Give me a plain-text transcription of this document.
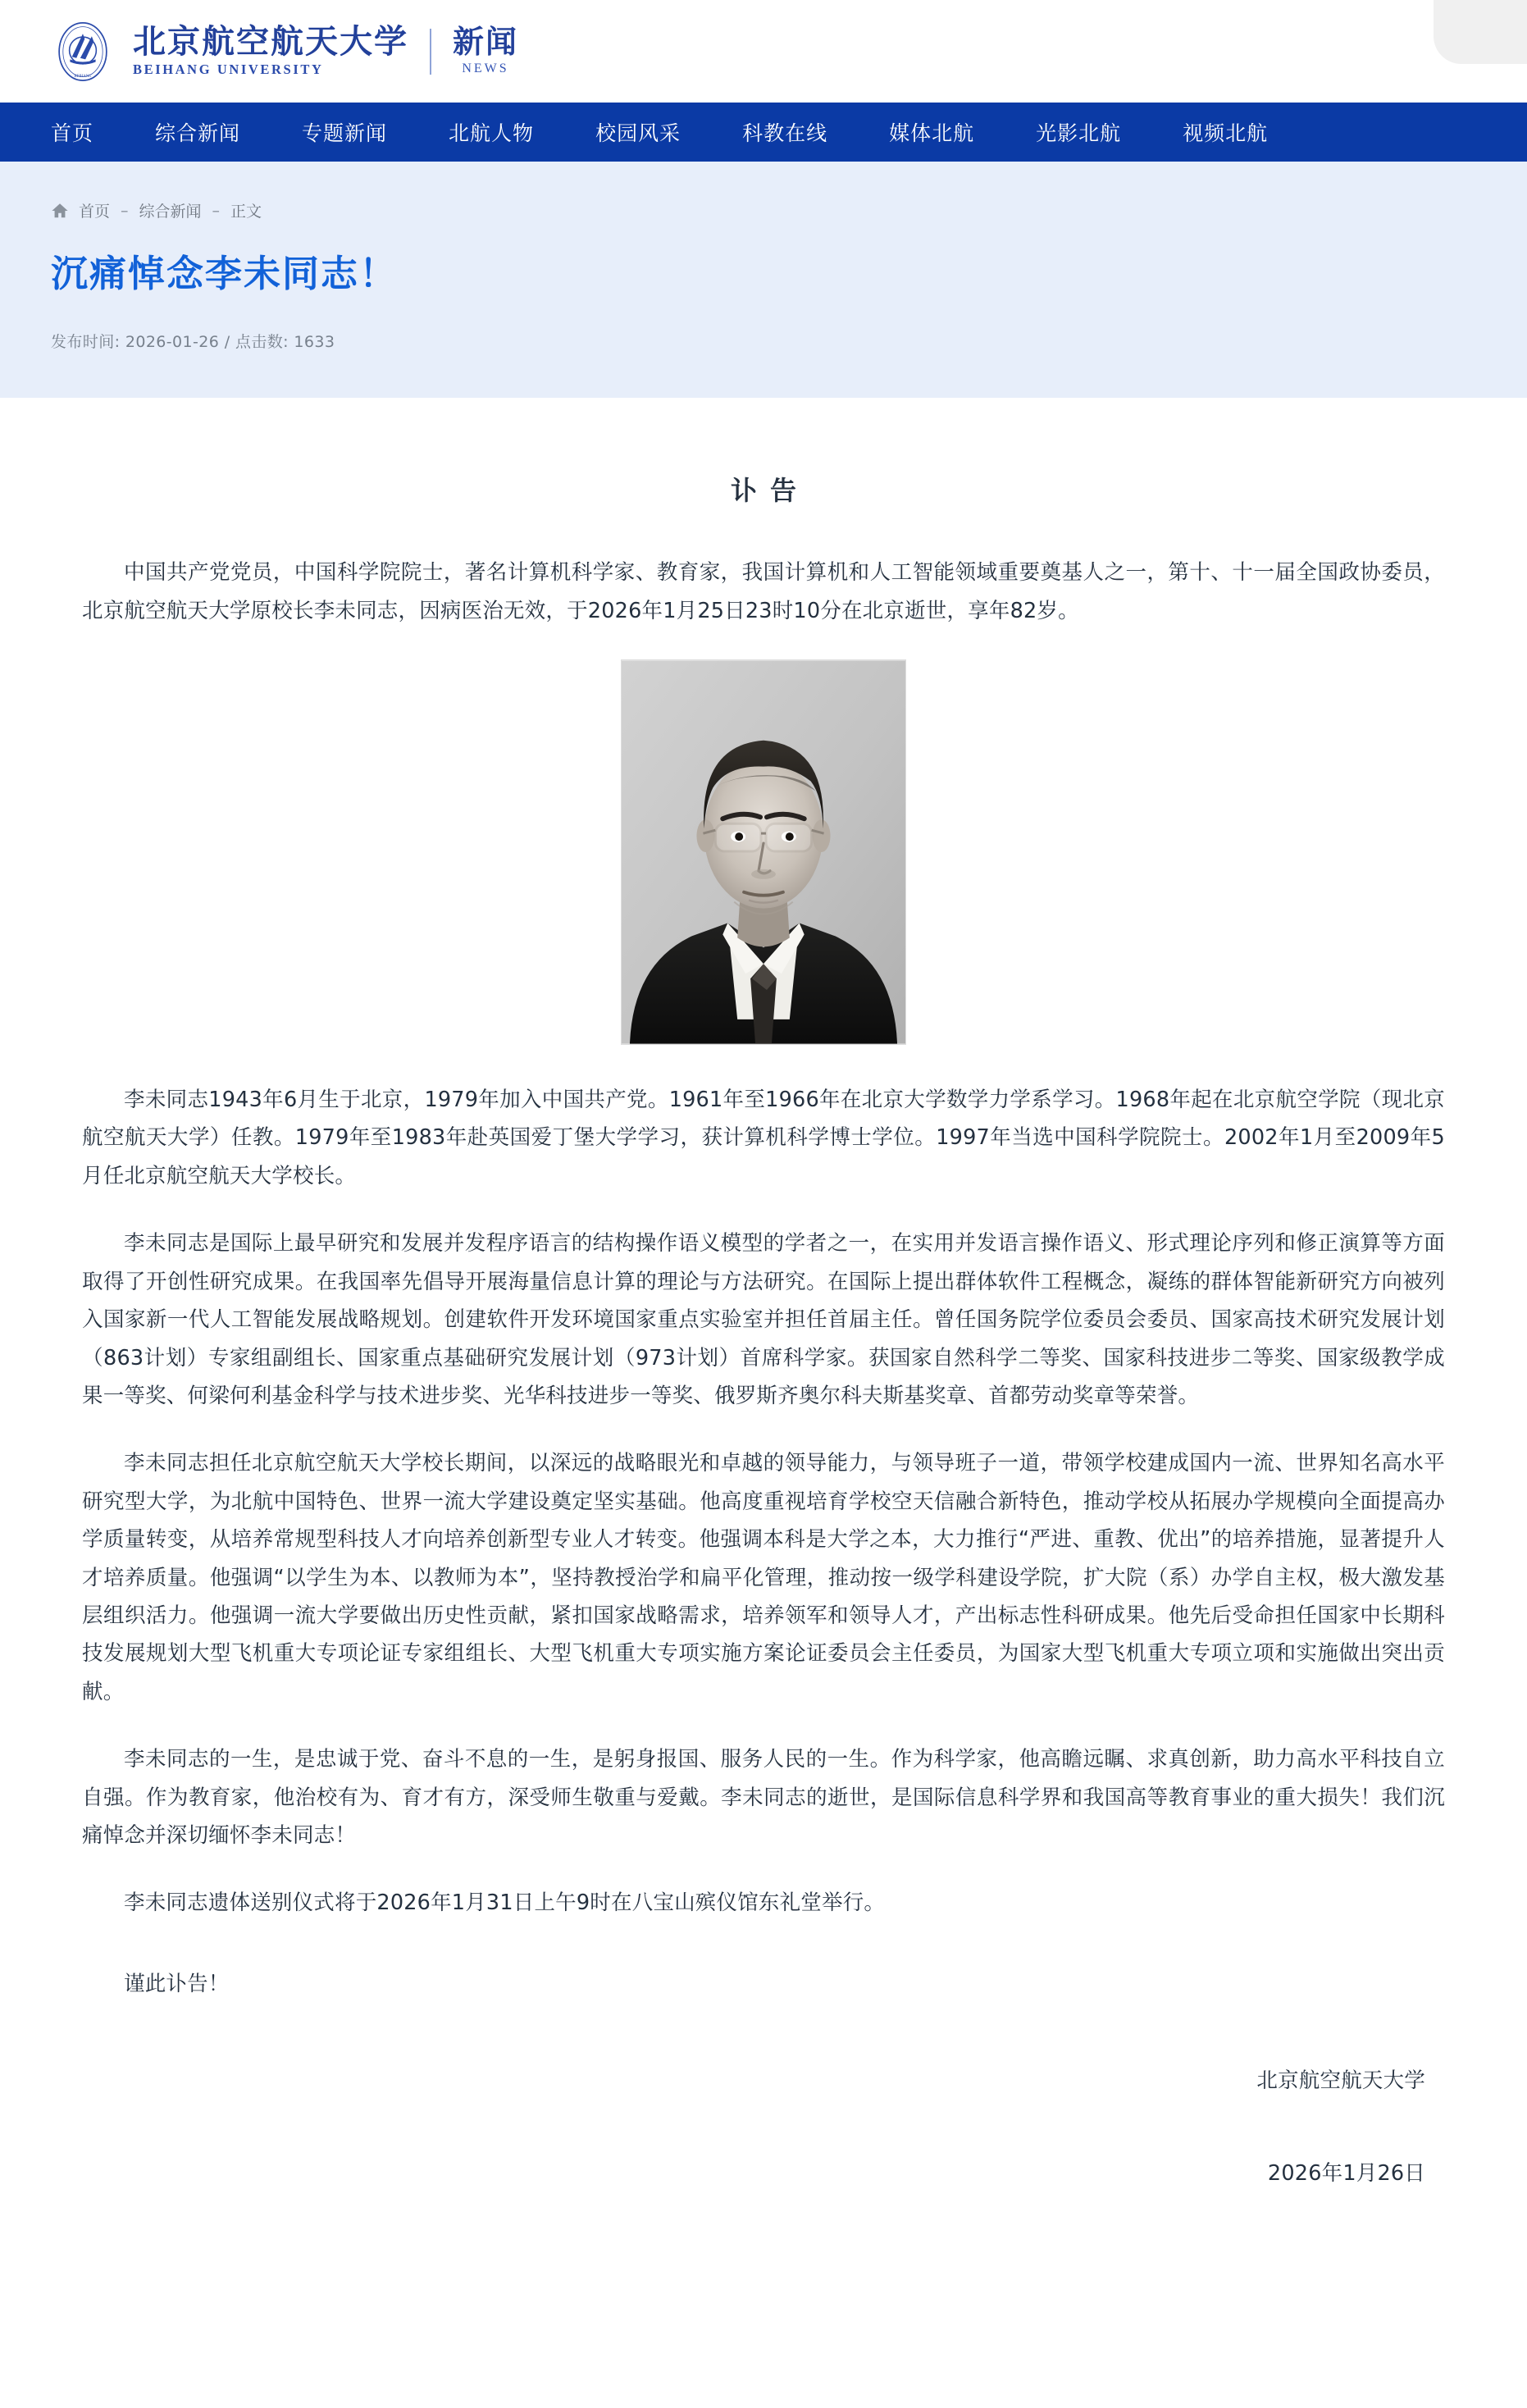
BEIHANG
北京航空航天大学
BEIHANG UNIVERSITY
新闻
NEWS
首页	综合新闻	专题新闻	北航人物	校园风采	科教在线	媒体北航	光影北航	视频北航
首页 – 综合新闻 – 正文
沉痛悼念李未同志！
发布时间: 2026-01-26 / 点击数: 1633
讣告

中国共产党党员，中国科学院院士，著名计算机科学家、教育家，我国计算机和人工智能领域重要奠基人之一，第十、十一届全国政协委员，北京航空航天大学原校长李未同志，因病医治无效，于2026年1月25日23时10分在北京逝世，享年82岁。

李未同志1943年6月生于北京，1979年加入中国共产党。1961年至1966年在北京大学数学力学系学习。1968年起在北京航空学院（现北京航空航天大学）任教。1979年至1983年赴英国爱丁堡大学学习，获计算机科学博士学位。1997年当选中国科学院院士。2002年1月至2009年5月任北京航空航天大学校长。

李未同志是国际上最早研究和发展并发程序语言的结构操作语义模型的学者之一，在实用并发语言操作语义、形式理论序列和修正演算等方面取得了开创性研究成果。在我国率先倡导开展海量信息计算的理论与方法研究。在国际上提出群体软件工程概念，凝练的群体智能新研究方向被列入国家新一代人工智能发展战略规划。创建软件开发环境国家重点实验室并担任首届主任。曾任国务院学位委员会委员、国家高技术研究发展计划（863计划）专家组副组长、国家重点基础研究发展计划（973计划）首席科学家。获国家自然科学二等奖、国家科技进步二等奖、国家级教学成果一等奖、何梁何利基金科学与技术进步奖、光华科技进步一等奖、俄罗斯齐奥尔科夫斯基奖章、首都劳动奖章等荣誉。

李未同志担任北京航空航天大学校长期间，以深远的战略眼光和卓越的领导能力，与领导班子一道，带领学校建成国内一流、世界知名高水平研究型大学，为北航中国特色、世界一流大学建设奠定坚实基础。他高度重视培育学校空天信融合新特色，推动学校从拓展办学规模向全面提高办学质量转变，从培养常规型科技人才向培养创新型专业人才转变。他强调本科是大学之本，大力推行“严进、重教、优出”的培养措施，显著提升人才培养质量。他强调“以学生为本、以教师为本”，坚持教授治学和扁平化管理，推动按一级学科建设学院，扩大院（系）办学自主权，极大激发基层组织活力。他强调一流大学要做出历史性贡献，紧扣国家战略需求，培养领军和领导人才，产出标志性科研成果。他先后受命担任国家中长期科技发展规划大型飞机重大专项论证专家组组长、大型飞机重大专项实施方案论证委员会主任委员，为国家大型飞机重大专项立项和实施做出突出贡献。

李未同志的一生，是忠诚于党、奋斗不息的一生，是躬身报国、服务人民的一生。作为科学家，他高瞻远瞩、求真创新，助力高水平科技自立自强。作为教育家，他治校有为、育才有方，深受师生敬重与爱戴。李未同志的逝世，是国际信息科学界和我国高等教育事业的重大损失！我们沉痛悼念并深切缅怀李未同志！

李未同志遗体送别仪式将于2026年1月31日上午9时在八宝山殡仪馆东礼堂举行。

谨此讣告！

北京航空航天大学
2026年1月26日
